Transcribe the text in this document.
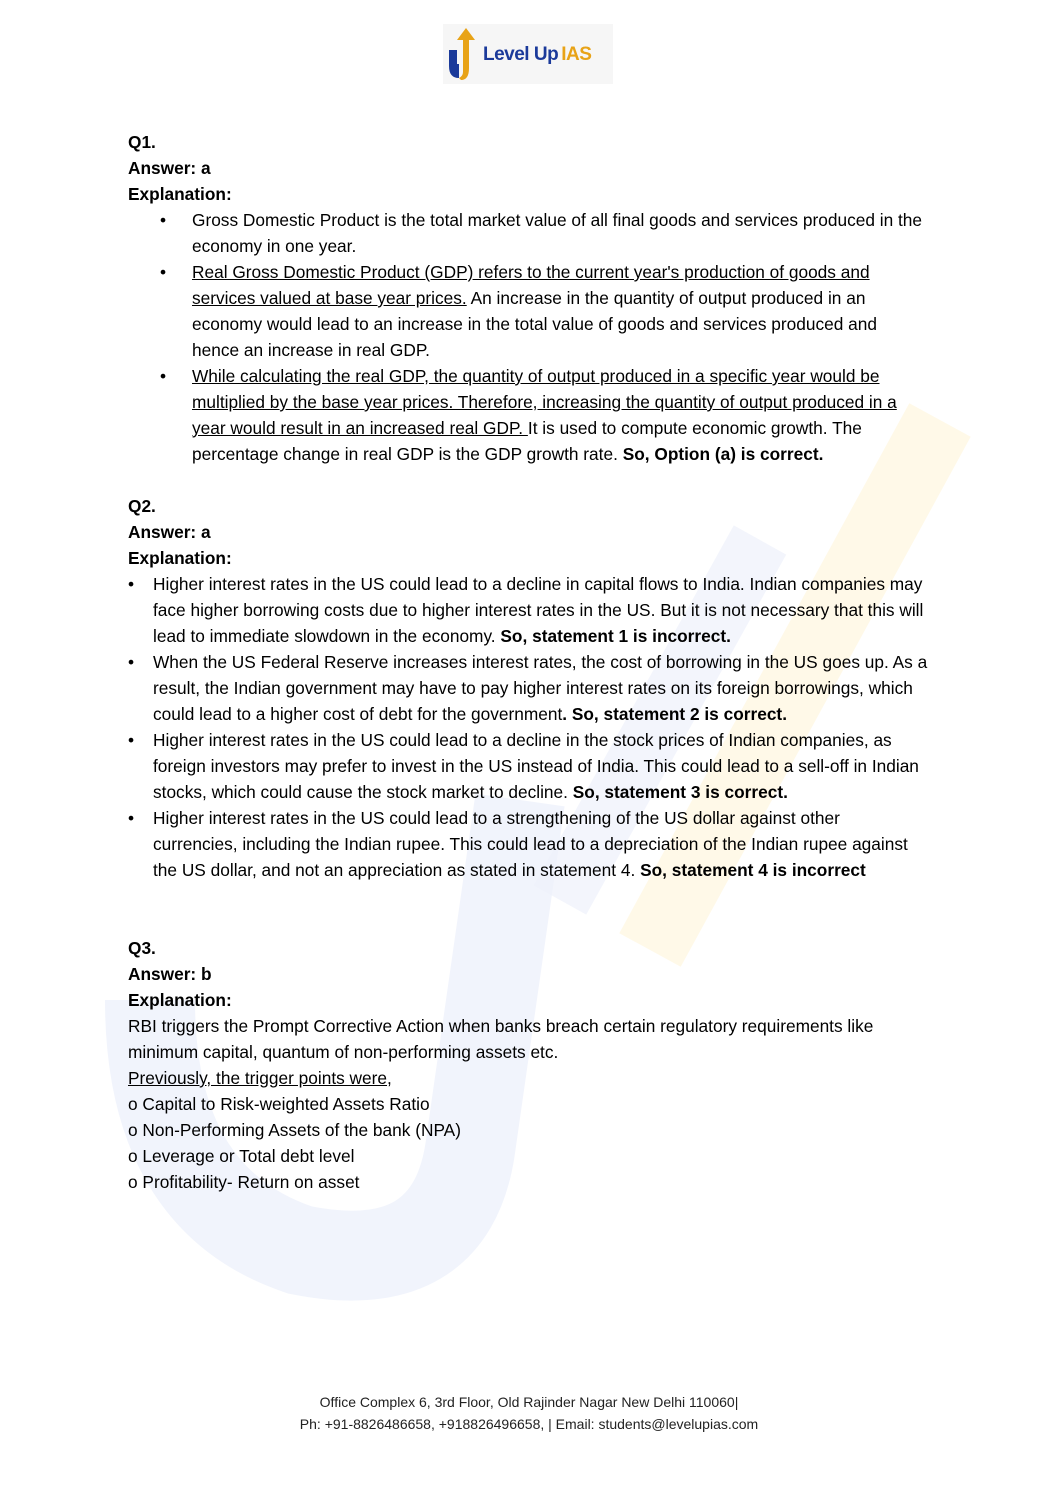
Level Up IAS

Q1.

Answer: a

Explanation:

• Gross Domestic Product is the total market value of all final goods and services produced in the economy in one year.
• Real Gross Domestic Product (GDP) refers to the current year's production of goods and services valued at base year prices. An increase in the quantity of output produced in an economy would lead to an increase in the total value of goods and services produced and hence an increase in real GDP.
• While calculating the real GDP, the quantity of output produced in a specific year would be multiplied by the base year prices. Therefore, increasing the quantity of output produced in a year would result in an increased real GDP. It is used to compute economic growth. The percentage change in real GDP is the GDP growth rate. So, Option (a) is correct.

Q2.

Answer: a

Explanation:

• Higher interest rates in the US could lead to a decline in capital flows to India. Indian companies may face higher borrowing costs due to higher interest rates in the US. But it is not necessary that this will lead to immediate slowdown in the economy. So, statement 1 is incorrect.
• When the US Federal Reserve increases interest rates, the cost of borrowing in the US goes up. As a result, the Indian government may have to pay higher interest rates on its foreign borrowings, which could lead to a higher cost of debt for the government. So, statement 2 is correct.
• Higher interest rates in the US could lead to a decline in the stock prices of Indian companies, as foreign investors may prefer to invest in the US instead of India. This could lead to a sell-off in Indian stocks, which could cause the stock market to decline. So, statement 3 is correct.
• Higher interest rates in the US could lead to a strengthening of the US dollar against other currencies, including the Indian rupee. This could lead to a depreciation of the Indian rupee against the US dollar, and not an appreciation as stated in statement 4. So, statement 4 is incorrect

Q3.

Answer: b

Explanation:

RBI triggers the Prompt Corrective Action when banks breach certain regulatory requirements like minimum capital, quantum of non-performing assets etc.

Previously, the trigger points were,

o Capital to Risk-weighted Assets Ratio

o Non-Performing Assets of the bank (NPA)

o Leverage or Total debt level

o Profitability- Return on asset

Office Complex 6, 3rd Floor, Old Rajinder Nagar New Delhi 110060|
Ph: +91-8826486658, +918826496658, | Email: students@levelupias.com
